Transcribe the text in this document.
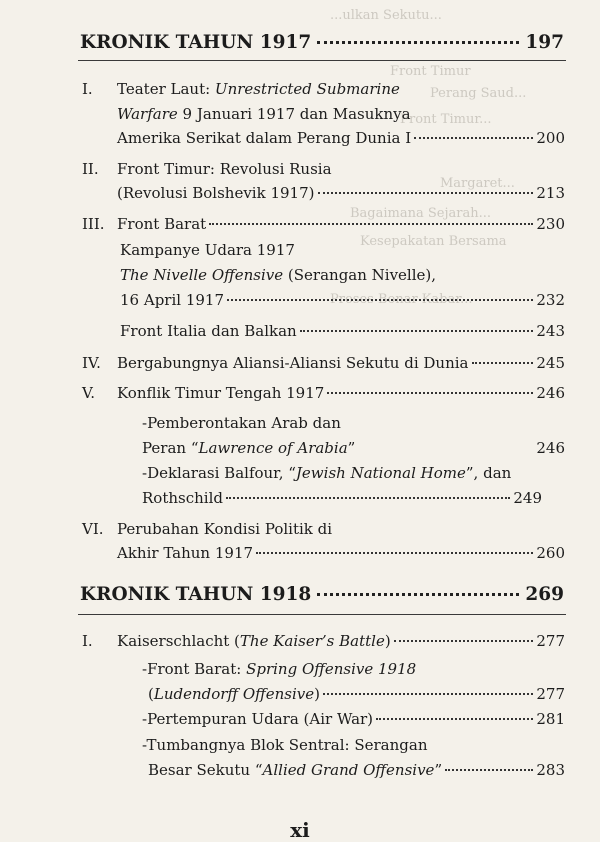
...ulkan Sekutu...
Front Timur
Perang Saud...
Front Timur...
Margaret...
Bagaimana Sejarah...
Kesepakatan Bersama
Proses Bonar Kabar...
KRONIK TAHUN 1917	197
I. Teater Laut: Unrestricted Submarine
Warfare 9 Januari 1917 dan Masuknya
Amerika Serikat dalam Perang Dunia I	200
II. Front Timur: Revolusi Rusia
(Revolusi Bolshevik 1917)	213
III. Front Barat	230
Kampanye Udara 1917
The Nivelle Offensive (Serangan Nivelle),
16 April 1917	232
Front Italia dan Balkan	243
IV. Bergabungnya Aliansi-Aliansi Sekutu di Dunia	245
V. Konflik Timur Tengah 1917	246
-Pemberontakan Arab dan
Peran “Lawrence of Arabia”	246
-Deklarasi Balfour, “Jewish National Home”, dan
Rothschild	249
VI. Perubahan Kondisi Politik di
Akhir Tahun 1917	260
KRONIK TAHUN 1918	269
I. Kaiserschlacht (The Kaiser’s Battle)	277
-Front Barat: Spring Offensive 1918
(Ludendorff Offensive)	277
-Pertempuran Udara (Air War)	281
-Tumbangnya Blok Sentral: Serangan
Besar Sekutu “Allied Grand Offensive”	283
xi
